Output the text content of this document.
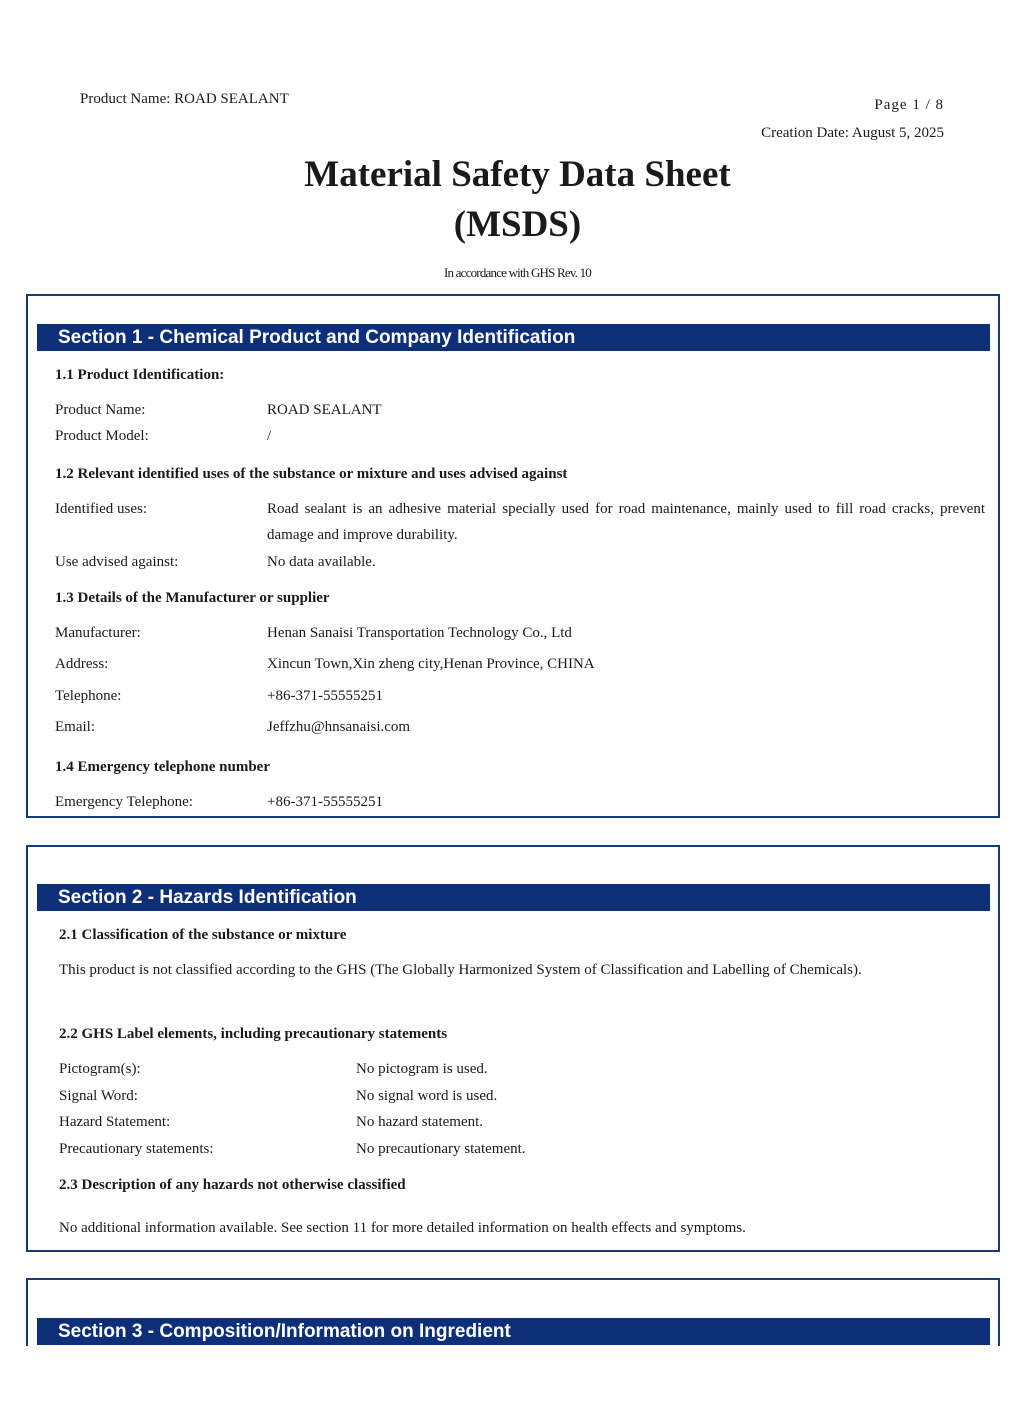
Product Name: ROAD SEALANT	Page 1 / 8
Creation Date: August 5, 2025
Material Safety Data Sheet
(MSDS)
In accordance with GHS Rev. 10
Section 1 - Chemical Product and Company Identification
1.1 Product Identification:
Product Name:	ROAD SEALANT
Product Model:	/
1.2 Relevant identified uses of the substance or mixture and uses advised against
Identified uses:	Road sealant is an adhesive material specially used for road maintenance, mainly used to fill road cracks, prevent damage and improve durability.
Use advised against:	No data available.
1.3 Details of the Manufacturer or supplier
Manufacturer:	Henan Sanaisi Transportation Technology Co., Ltd
Address:	Xincun Town,Xin zheng city,Henan Province, CHINA
Telephone:	+86-371-55555251
Email:	Jeffzhu@hnsanaisi.com
1.4 Emergency telephone number
Emergency Telephone:	+86-371-55555251
Section 2 - Hazards Identification
2.1 Classification of the substance or mixture
This product is not classified according to the GHS (The Globally Harmonized System of Classification and Labelling of Chemicals).
2.2 GHS Label elements, including precautionary statements
Pictogram(s):	No pictogram is used.
Signal Word:	No signal word is used.
Hazard Statement:	No hazard statement.
Precautionary statements:	No precautionary statement.
2.3 Description of any hazards not otherwise classified
No additional information available. See section 11 for more detailed information on health effects and symptoms.
Section 3 - Composition/Information on Ingredient
